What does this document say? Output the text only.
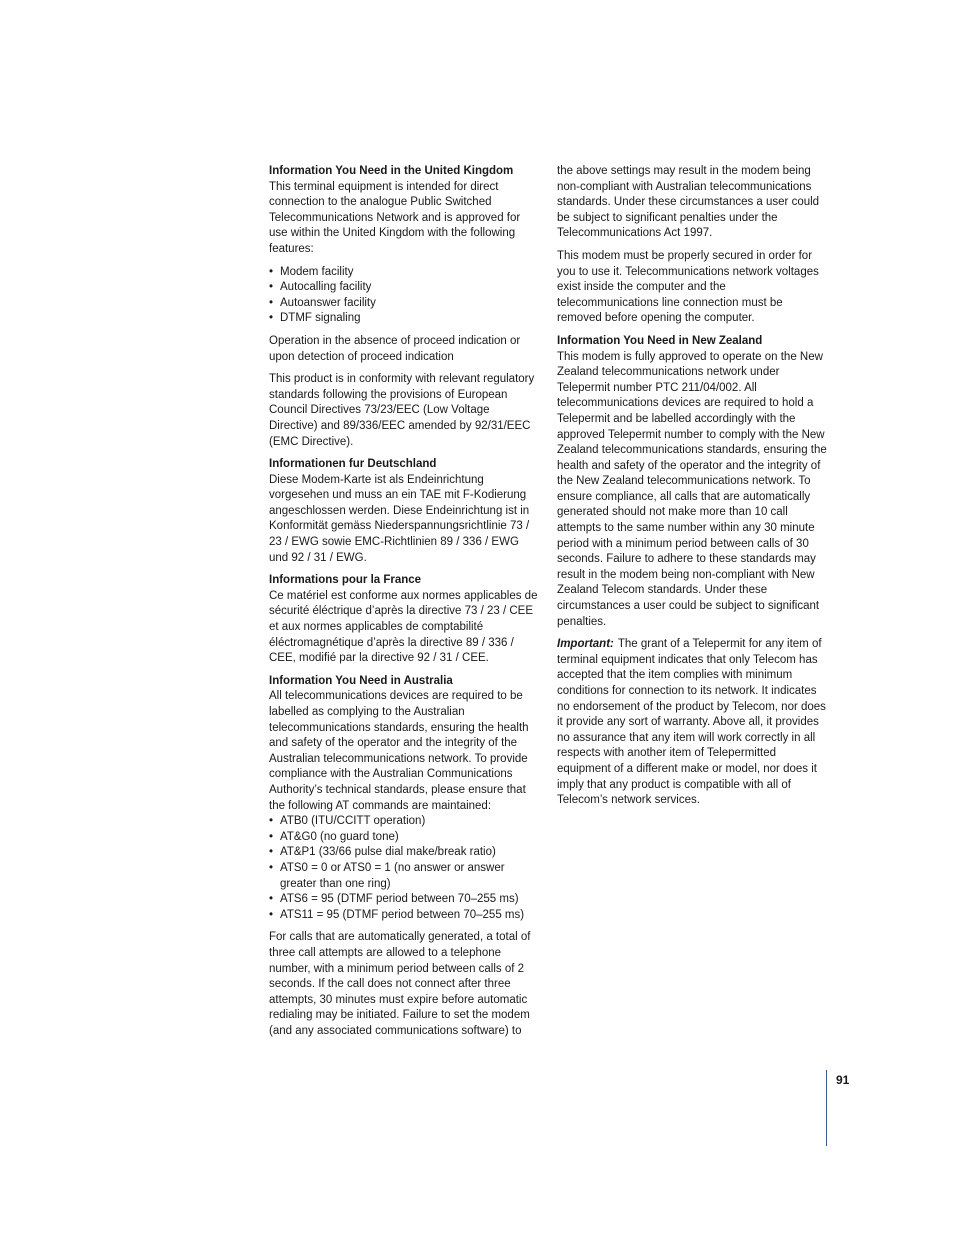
Information You Need in the United Kingdom

This terminal equipment is intended for direct connection to the analogue Public Switched Telecommunications Network and is approved for use within the United Kingdom with the following features:

• Modem facility
• Autocalling facility
• Autoanswer facility
• DTMF signaling

Operation in the absence of proceed indication or upon detection of proceed indication

This product is in conformity with relevant regulatory standards following the provisions of European Council Directives 73/23/EEC (Low Voltage Directive) and 89/336/EEC amended by 92/31/EEC (EMC Directive).

Informationen fur Deutschland

Diese Modem-Karte ist als Endeinrichtung vorgesehen und muss an ein TAE mit F-Kodierung angeschlossen werden. Diese Endeinrichtung ist in Konformität gemäss Niederspannungsrichtlinie 73 / 23 / EWG sowie EMC-Richtlinien 89 / 336 / EWG und 92 / 31 / EWG.

Informations pour la France

Ce matériel est conforme aux normes applicables de sécurité éléctrique d’après la directive 73 / 23 / CEE et aux normes applicables de comptabilité éléctromagnétique d’après la directive 89 / 336 / CEE, modifié par la directive 92 / 31 / CEE.

Information You Need in Australia

All telecommunications devices are required to be labelled as complying to the Australian telecommunications standards, ensuring the health and safety of the operator and the integrity of the Australian telecommunications network. To provide compliance with the Australian Communications Authority’s technical standards, please ensure that the following AT commands are maintained:

• ATB0 (ITU/CCITT operation)
• AT&G0 (no guard tone)
• AT&P1 (33/66 pulse dial make/break ratio)
• ATS0 = 0 or ATS0 = 1 (no answer or answer greater than one ring)
• ATS6 = 95 (DTMF period between 70–255 ms)
• ATS11 = 95 (DTMF period between 70–255 ms)

For calls that are automatically generated, a total of three call attempts are allowed to a telephone number, with a minimum period between calls of 2 seconds. If the call does not connect after three attempts, 30 minutes must expire before automatic redialing may be initiated. Failure to set the modem (and any associated communications software) to

the above settings may result in the modem being non-compliant with Australian telecommunications standards. Under these circumstances a user could be subject to significant penalties under the Telecommunications Act 1997.

This modem must be properly secured in order for you to use it. Telecommunications network voltages exist inside the computer and the telecommunications line connection must be removed before opening the computer.

Information You Need in New Zealand

This modem is fully approved to operate on the New Zealand telecommunications network under Telepermit number PTC 211/04/002. All telecommunications devices are required to hold a Telepermit and be labelled accordingly with the approved Telepermit number to comply with the New Zealand telecommunications standards, ensuring the health and safety of the operator and the integrity of the New Zealand telecommunications network. To ensure compliance, all calls that are automatically generated should not make more than 10 call attempts to the same number within any 30 minute period with a minimum period between calls of 30 seconds. Failure to adhere to these standards may result in the modem being non-compliant with New Zealand Telecom standards. Under these circumstances a user could be subject to significant penalties.

Important: The grant of a Telepermit for any item of terminal equipment indicates that only Telecom has accepted that the item complies with minimum conditions for connection to its network. It indicates no endorsement of the product by Telecom, nor does it provide any sort of warranty. Above all, it provides no assurance that any item will work correctly in all respects with another item of Telepermitted equipment of a different make or model, nor does it imply that any product is compatible with all of Telecom’s network services.

91
